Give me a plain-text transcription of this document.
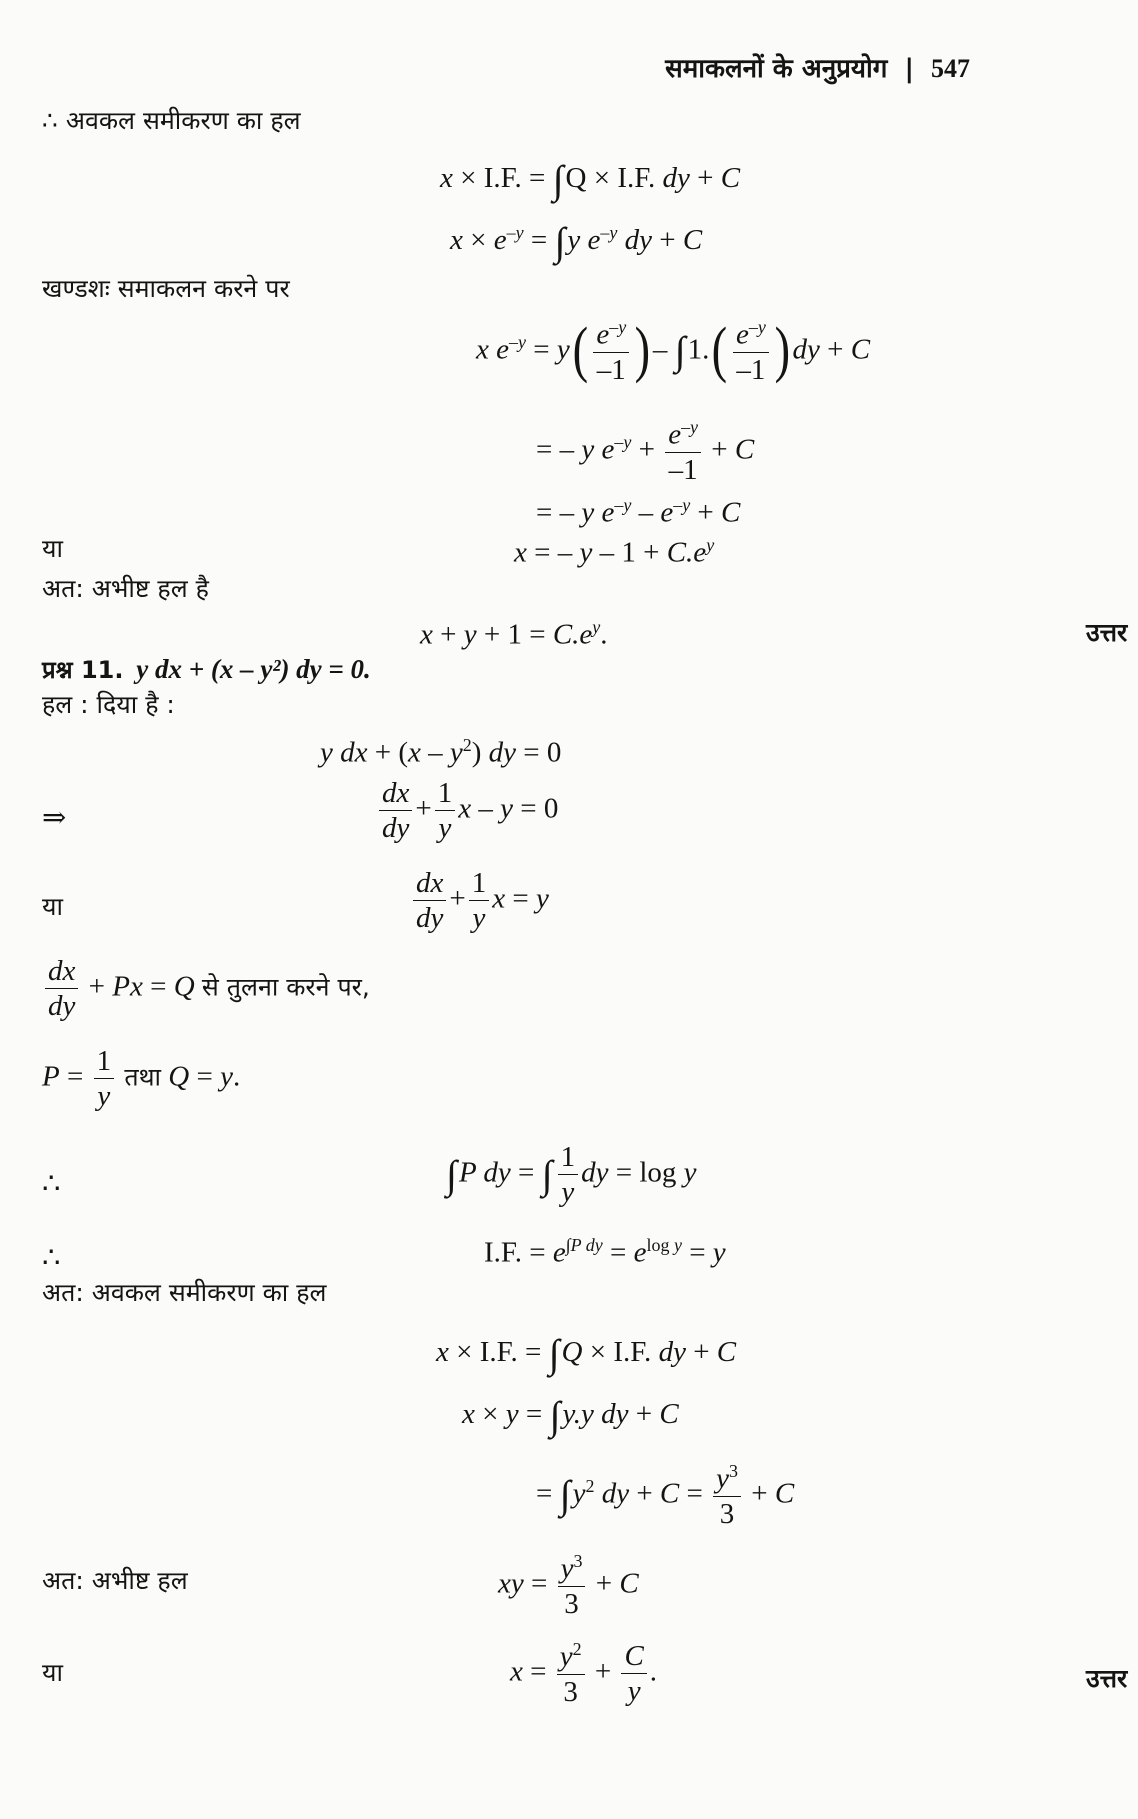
समाकलनों के अनुप्रयोग | 547
∴ अवकल समीकरण का हल
x × I.F. = ∫Q × I.F. dy + C
$x \times e^{-y} = \int y$ $e^{-y}$ dy + C
खण्डशः समाकलन करने पर
x $e^{-y} = y( \frac{e^{-y}}{-1}$ )– $\int 1.( \frac{e^{-y}}{-1} )dy + C$
= – y $e^{-y} + \frac{e^{-y}}{-1} + C$
= – y $e^{-y} - e^{-y} + C$
या	x = – $y - 1 + C.e^y$
अत: अभीष्ट हल है
$x + y + 1 = C.e^y$.	उत्तर
प्रश्न 11. y dx + (x – y²) dy = 0.
हल : दिया है :
y dx + $(x - y^2)$ dy = 0
⇒	$\frac{dx}{dy} + \frac{1}{y}$ x – y = 0
या	$\frac{dx}{dy} + \frac{1}{y}$ x = y
$\frac{dx}{dy} + Px = Q$ से तुलना करने पर,
$P = \frac{1}{y}$ तथा Q = y.
∴	∫P dy = ∫ $\frac{1}{y}$ dy = log y
∴	I.F. = $e^{\int P dy} = e^{log y} = y$
अत: अवकल समीकरण का हल
x × I.F. = ∫Q × I.F. dy + C
x × y = ∫y.y dy + C
= $\int y^2$ dy + $C = \frac{y^3}{3} + C$
अत: अभीष्ट हल	xy = $\frac{y^3}{3} + C$
या	$x = \frac{y^2}{3} + \frac{C}{y}$ .	उत्तर
